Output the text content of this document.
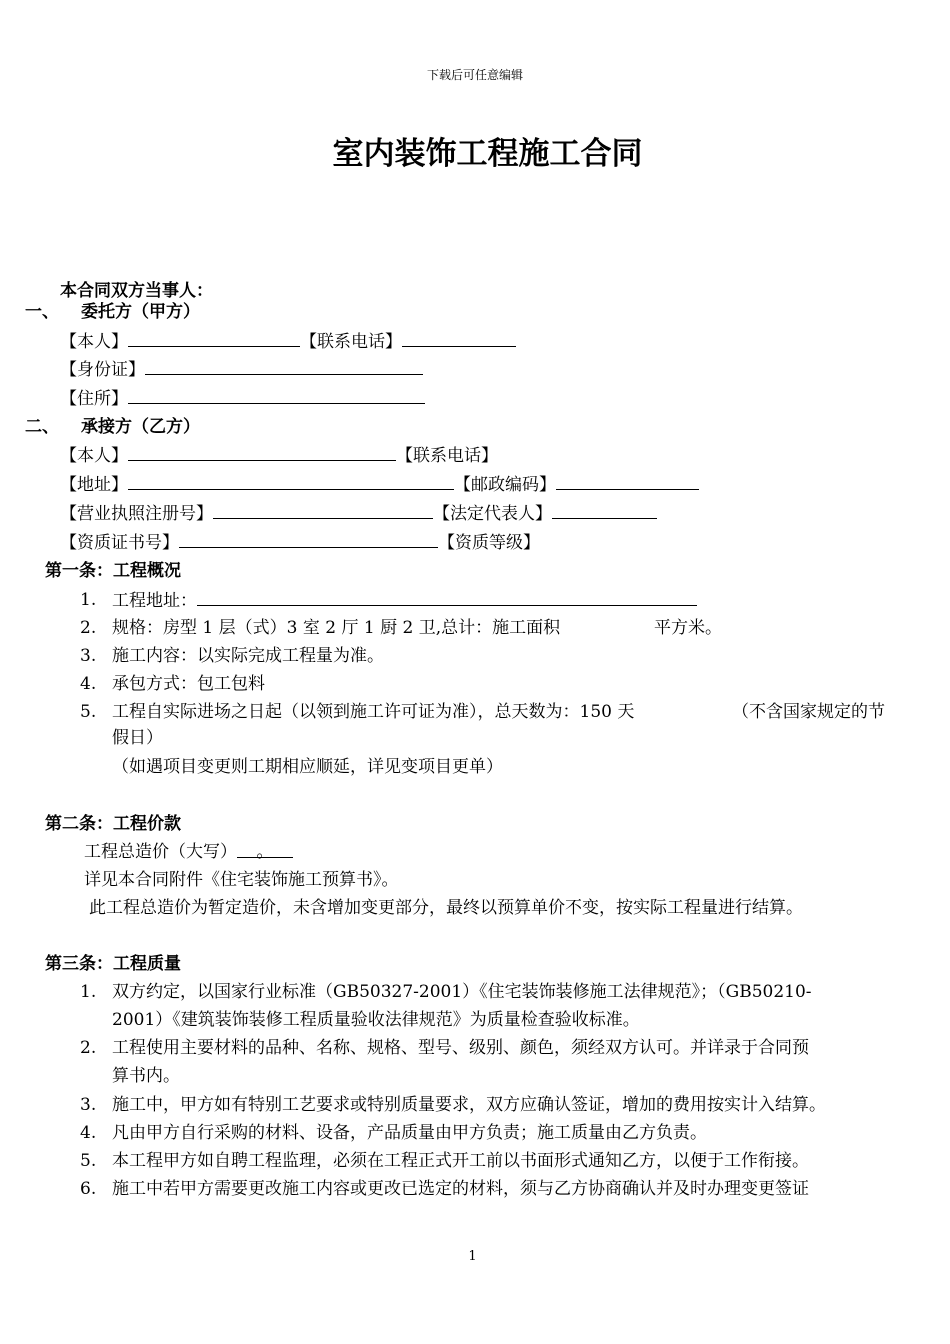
下载后可任意编辑
室内装饰工程施工合同
本合同双方当事人：
一、 委托方（甲方）
【本人】	【联系电话】
【身份证】
【住所】
二、 承接方（乙方）
【本人】	【联系电话】
【地址】	【邮政编码】
【营业执照注册号】	【法定代表人】
【资质证书号】	【资质等级】
第一条：工程概况
1. 工程地址：
2. 规格：房型 1 层（式）3 室 2 厅 1 厨 2 卫,总计：施工面积	平方米。
3. 施工内容：以实际完成工程量为准。
4. 承包方式：包工包料
5. 工程自实际进场之日起（以领到施工许可证为准），总天数为：150 天	（不含国家规定的节
假日）
（如遇项目变更则工期相应顺延，详见变项目更单）
第二条：工程价款
工程总造价（大写） 。
详见本合同附件《住宅装饰施工预算书》。
此工程总造价为暂定造价，未含增加变更部分，最终以预算单价不变，按实际工程量进行结算。
第三条：工程质量
1. 双方约定，以国家行业标准（GB50327-2001）《住宅装饰装修施工法律规范》；（GB50210-
2001）《建筑装饰装修工程质量验收法律规范》为质量检查验收标准。
2. 工程使用主要材料的品种、名称、规格、型号、级别、颜色，须经双方认可。并详录于合同预
算书内。
3. 施工中，甲方如有特别工艺要求或特别质量要求，双方应确认签证，增加的费用按实计入结算。
4. 凡由甲方自行采购的材料、设备，产品质量由甲方负责；施工质量由乙方负责。
5. 本工程甲方如自聘工程监理，必须在工程正式开工前以书面形式通知乙方，以便于工作衔接。
6. 施工中若甲方需要更改施工内容或更改已选定的材料，须与乙方协商确认并及时办理变更签证
1
